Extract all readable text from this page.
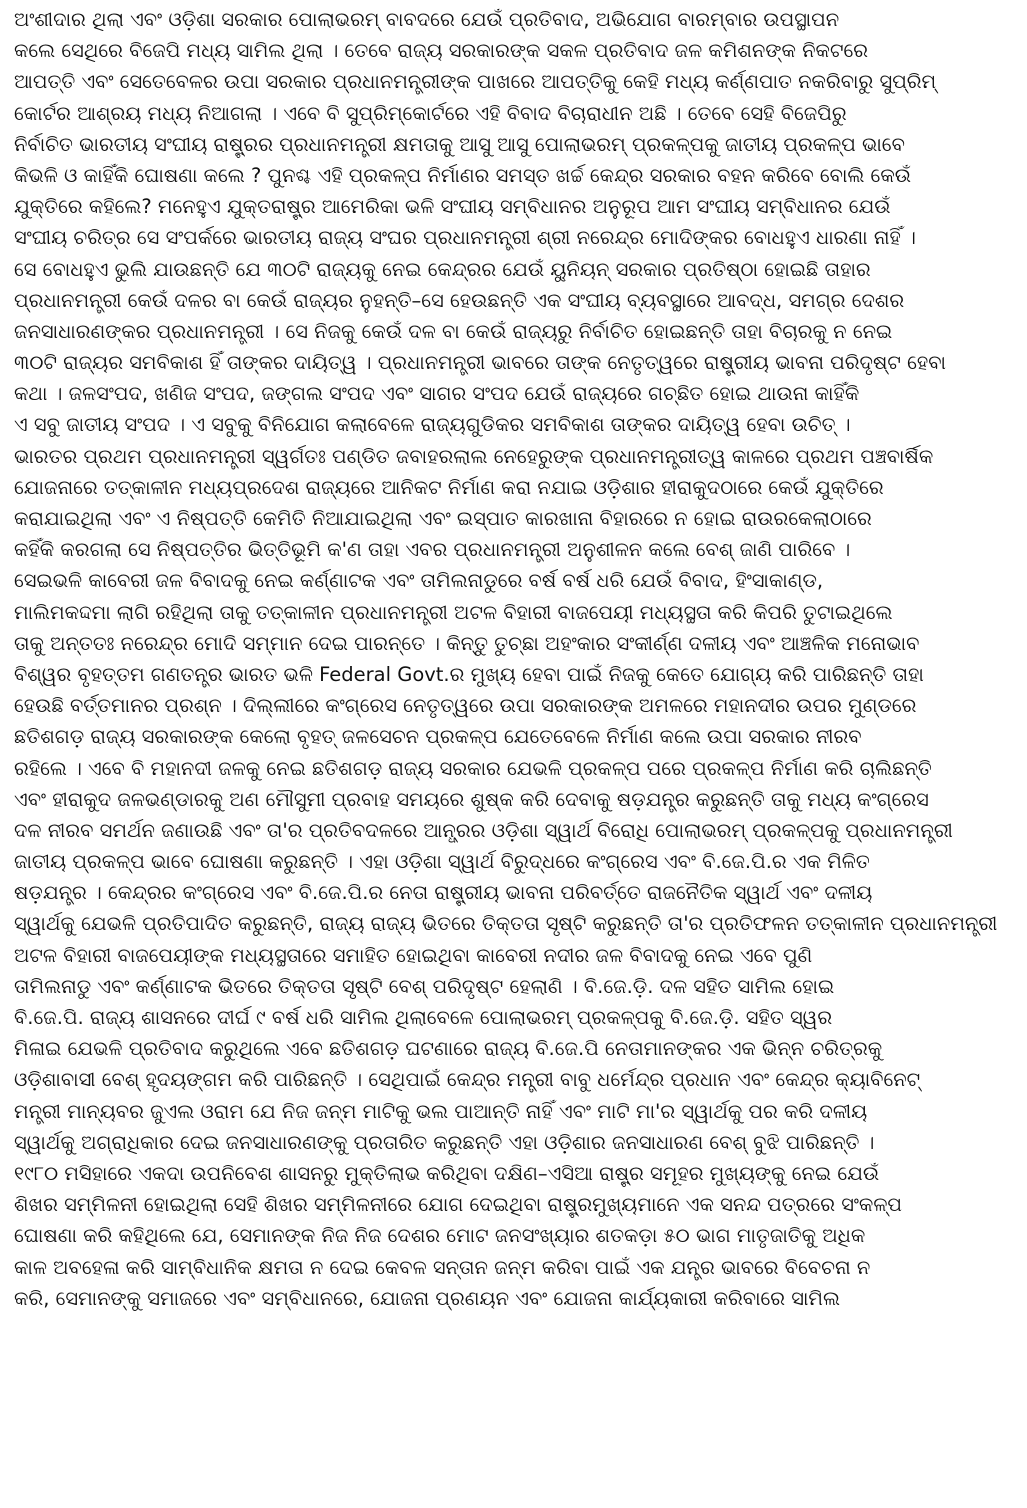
ଅଂଶୀଦାର ଥିଲା ଏବଂ ଓଡ଼ିଶା ସରକାର ପୋଲାଭରମ୍ ବାବଦରେ ଯେଉଁ ପ୍ରତିବାଦ, ଅଭିଯୋଗ ବାରମ୍ବାର ଉପସ୍ଥାପନ
କଲେ ସେଥିରେ ବିଜେପି ମଧ୍ୟ ସାମିଲ ଥିଲା । ତେବେ ରାଜ୍ୟ ସରକାରଙ୍କ ସକଳ ପ୍ରତିବାଦ ଜଳ କମିଶନଙ୍କ ନିକଟରେ
ଆପତ୍ତି ଏବଂ ସେତେବେଳର ଉପା ସରକାର ପ୍ରଧାନମନ୍ତ୍ରୀଙ୍କ ପାଖରେ ଆପତ୍ତିକୁ କେହି ମଧ୍ୟ କର୍ଣ୍ଣପାତ ନକରିବାରୁ ସୁପ୍ରିମ୍
କୋର୍ଟର ଆଶ୍ରୟ ମଧ୍ୟ ନିଆଗଲା । ଏବେ ବି ସୁପ୍ରିମ୍‌କୋର୍ଟରେ ଏହି ବିବାଦ ବିଚାରାଧୀନ ଅଛି । ତେବେ ସେହି ବିଜେପିରୁ
ନିର୍ବାଚିତ ଭାରତୀୟ ସଂଘୀୟ ରାଷ୍ଟ୍ରର ପ୍ରଧାନମନ୍ତ୍ରୀ କ୍ଷମତାକୁ ଆସୁ ଆସୁ ପୋଲାଭରମ୍ ପ୍ରକଳ୍ପକୁ ଜାତୀୟ ପ୍ରକଳ୍ପ ଭାବେ
କିଭଳି ଓ କାହିଁକି ଘୋଷଣା କଲେ ? ପୁନଶ୍ଚ ଏହି ପ୍ରକଳ୍ପ ନିର୍ମାଣର ସମସ୍ତ ଖର୍ଚ୍ଚ କେନ୍ଦ୍ର ସରକାର ବହନ କରିବେ ବୋଲି କେଉଁ
ଯୁକ୍ତିରେ କହିଲେ? ମନେହୁଏ ଯୁକ୍ତରାଷ୍ଟ୍ର ଆମେରିକା ଭଳି ସଂଘୀୟ ସମ୍ବିଧାନର ଅନୁରୂପ ଆମ ସଂଘୀୟ ସମ୍ବିଧାନର ଯେଉଁ
ସଂଘୀୟ ଚରିତ୍ର ସେ ସଂପର୍କରେ ଭାରତୀୟ ରାଜ୍ୟ ସଂଘର ପ୍ରଧାନମନ୍ତ୍ରୀ ଶ୍ରୀ ନରେନ୍ଦ୍ର ମୋଦିଙ୍କର ବୋଧହୁଏ ଧାରଣା ନାହିଁ ।
ସେ ବୋଧହୁଏ ଭୁଲି ଯାଉଛନ୍ତି ଯେ ୩୦ଟି ରାଜ୍ୟକୁ ନେଇ କେନ୍ଦ୍ରର ଯେଉଁ ୟୁନିୟନ୍ ସରକାର ପ୍ରତିଷ୍ଠା ହୋଇଛି ତାହାର
ପ୍ରଧାନମନ୍ତ୍ରୀ କେଉଁ ଦଳର ବା କେଉଁ ରାଜ୍ୟର ନୁହନ୍ତି–ସେ ହେଉଛନ୍ତି ଏକ ସଂଘୀୟ ବ୍ୟବସ୍ଥାରେ ଆବଦ୍ଧ, ସମଗ୍ର ଦେଶର
ଜନସାଧାରଣଙ୍କର ପ୍ରଧାନମନ୍ତ୍ରୀ । ସେ ନିଜକୁ କେଉଁ ଦଳ ବା କେଉଁ ରାଜ୍ୟରୁ ନିର୍ବାଚିତ ହୋଇଛନ୍ତି ତାହା ବିଚାରକୁ ନ ନେଇ
୩୦ଟି ରାଜ୍ୟର ସମବିକାଶ ହିଁ ତାଙ୍କର ଦାୟିତ୍ୱ । ପ୍ରଧାନମନ୍ତ୍ରୀ ଭାବରେ ତାଙ୍କ ନେତୃତ୍ୱରେ ରାଷ୍ଟ୍ରୀୟ ଭାବନା ପରିଦୃଷ୍ଟ ହେବା
କଥା । ଜଳସଂପଦ, ଖଣିଜ ସଂପଦ, ଜଙ୍ଗଲ ସଂପଦ ଏବଂ ସାଗର ସଂପଦ ଯେଉଁ ରାଜ୍ୟରେ ଗଚ୍ଛିତ ହୋଇ ଥାଉନା କାହିଁକି
ଏ ସବୁ ଜାତୀୟ ସଂପଦ । ଏ ସବୁକୁ ବିନିଯୋଗ କଲାବେଳେ ରାଜ୍ୟଗୁଡିକର ସମବିକାଶ ତାଙ୍କର ଦାୟିତ୍ୱ ହେବା ଉଚିତ୍ ।
ଭାରତର ପ୍ରଥମ ପ୍ରଧାନମନ୍ତ୍ରୀ ସ୍ୱର୍ଗତଃ ପଣ୍ଡିତ ଜବାହରଲାଲ ନେହେରୁଙ୍କ ପ୍ରଧାନମନ୍ତ୍ରୀତ୍ୱ କାଳରେ ପ୍ରଥମ ପଞ୍ଚବାର୍ଷିକ
ଯୋଜନାରେ ତତ୍‌କାଳୀନ ମଧ୍ୟପ୍ରଦେଶ ରାଜ୍ୟରେ ଆନିକଟ ନିର୍ମାଣ କରା ନଯାଇ ଓଡ଼ିଶାର ହୀରାକୁଦଠାରେ କେଉଁ ଯୁକ୍ତିରେ
କରାଯାଇଥିଲା ଏବଂ ଏ ନିଷ୍ପତ୍ତି କେମିତି ନିଆଯାଇଥିଲା ଏବଂ ଇସ୍ପାତ କାରଖାନା ବିହାରରେ ନ ହୋଇ ରାଉରକେଲାଠାରେ
କହିଁକି କରଗଲା ସେ ନିଷ୍ପତ୍ତିର ଭିତ୍ତିଭୂମି କ'ଣ ତାହା ଏବର ପ୍ରଧାନମନ୍ତ୍ରୀ ଅନୁଶୀଳନ କଲେ ବେଶ୍ ଜାଣି ପାରିବେ ।
ସେଇଭଳି କାବେରୀ ଜଳ ବିବାଦକୁ ନେଇ କର୍ଣ୍ଣାଟକ ଏବଂ ତାମିଲନାଡୁରେ ବର୍ଷ ବର୍ଷ ଧରି ଯେଉଁ ବିବାଦ, ହିଂସାକାଣ୍ଡ,
ମାଲିମକଦ୍ଦମା ଲାଗି ରହିଥିଲା ତାକୁ ତତ୍କାଳୀନ ପ୍ରଧାନମନ୍ତ୍ରୀ ଅଟଳ ବିହାରୀ ବାଜପେୟୀ ମଧ୍ୟସ୍ଥତା କରି କିପରି ତୁଟାଇଥିଲେ
ତାକୁ ଅନ୍ତତଃ ନରେନ୍ଦ୍ର ମୋଦି ସମ୍ମାନ ଦେଇ ପାରନ୍ତେ । କିନ୍ତୁ ତୁଚ୍ଛା ଅହଂକାର ସଂକୀର୍ଣ୍ଣ ଦଳୀୟ ଏବଂ ଆଞ୍ଚଳିକ ମନୋଭାବ
ବିଶ୍ୱର ବୃହତ୍ତମ ଗଣତନ୍ତ୍ର ଭାରତ ଭଳି Federal Govt.ର ମୁଖ୍ୟ ହେବା ପାଇଁ ନିଜକୁ କେତେ ଯୋଗ୍ୟ କରି ପାରିଛନ୍ତି ତାହା
ହେଉଛି ବର୍ତ୍ତମାନର ପ୍ରଶ୍ନ । ଦିଲ୍ଲୀରେ କଂଗ୍ରେସ ନେତୃତ୍ୱରେ ଉପା ସରକାରଙ୍କ ଅମଳରେ ମହାନଦୀର ଉପର ମୁଣ୍ଡରେ
ଛତିଶଗଡ଼ ରାଜ୍ୟ ସରକାରଙ୍କ କେଲୋ ବୃହତ୍ ଜଳସେଚନ ପ୍ରକଳ୍ପ ଯେତେବେଳେ ନିର୍ମାଣ କଲେ ଉପା ସରକାର ନୀରବ
ରହିଲେ । ଏବେ ବି ମହାନଦୀ ଜଳକୁ ନେଇ ଛତିଶଗଡ଼ ରାଜ୍ୟ ସରକାର ଯେଭଳି ପ୍ରକଳ୍ପ ପରେ ପ୍ରକଳ୍ପ ନିର୍ମାଣ କରି ଚାଲିଛନ୍ତି
ଏବଂ ହୀରାକୁଦ ଜଳଭଣ୍ଡାରକୁ ଅଣ ମୌସୁମୀ ପ୍ରବାହ ସମୟରେ ଶୁଷ୍କ କରି ଦେବାକୁ ଷଡ଼ଯନ୍ତ୍ର କରୁଛନ୍ତି ତାକୁ ମଧ୍ୟ କଂଗ୍ରେସ
ଦଳ ନୀରବ ସମର୍ଥନ ଜଣାଉଛି ଏବଂ ତା'ର ପ୍ରତିବଦଳରେ ଆନ୍ଧ୍ରର ଓଡ଼ିଶା ସ୍ୱାର୍ଥ ବିରୋଧି ପୋଲାଭରମ୍ ପ୍ରକଳ୍ପକୁ ପ୍ରଧାନମନ୍ତ୍ରୀ
ଜାତୀୟ ପ୍ରକଳ୍ପ ଭାବେ ଘୋଷଣା କରୁଛନ୍ତି । ଏହା ଓଡ଼ିଶା ସ୍ୱାର୍ଥ ବିରୁଦ୍ଧରେ କଂଗ୍ରେସ ଏବଂ ବି.ଜେ.ପି.ର ଏକ ମିଳିତ
ଷଡ଼ଯନ୍ତ୍ର । କେନ୍ଦ୍ରର କଂଗ୍ରେସ ଏବଂ ବି.ଜେ.ପି.ର ନେତା ରାଷ୍ଟ୍ରୀୟ ଭାବନା ପରିବର୍ତ୍ତେ ରାଜନୈତିକ ସ୍ୱାର୍ଥ ଏବଂ ଦଳୀୟ
ସ୍ୱାର୍ଥକୁ ଯେଭଳି ପ୍ରତିପାଦିତ କରୁଛନ୍ତି, ରାଜ୍ୟ ରାଜ୍ୟ ଭିତରେ ତିକ୍ତତା ସୃଷ୍ଟି କରୁଛନ୍ତି ତା'ର ପ୍ରତିଫଳନ ତତ୍କାଳୀନ ପ୍ରଧାନମନ୍ତ୍ରୀ
ଅଟଳ ବିହାରୀ ବାଜପେୟୀଙ୍କ ମଧ୍ୟସ୍ଥତାରେ ସମାହିତ ହୋଇଥିବା କାବେରୀ ନଦୀର ଜଳ ବିବାଦକୁ ନେଇ ଏବେ ପୁଣି
ତାମିଲନାଡୁ ଏବଂ କର୍ଣ୍ଣାଟକ ଭିତରେ ତିକ୍ତତା ସୃଷ୍ଟି ବେଶ୍ ପରିଦୃଷ୍ଟ ହେଲାଣି । ବି.ଜେ.ଡ଼ି. ଦଳ ସହିତ ସାମିଲ ହୋଇ
ବି.ଜେ.ପି. ରାଜ୍ୟ ଶାସନରେ ଦୀର୍ଘ ୯ ବର୍ଷ ଧରି ସାମିଲ ଥିଲାବେଳେ ପୋଲାଭରମ୍ ପ୍ରକଳ୍ପକୁ ବି.ଜେ.ଡ଼ି. ସହିତ ସ୍ୱର
ମିଳାଇ ଯେଭଳି ପ୍ରତିବାଦ କରୁଥିଲେ ଏବେ ଛତିଶଗଡ଼ ଘଟଣାରେ ରାଜ୍ୟ ବି.ଜେ.ପି ନେତାମାନଙ୍କର ଏକ ଭିନ୍ନ ଚରିତ୍ରକୁ
ଓଡ଼ିଶାବାସୀ ବେଶ୍ ହୃଦୟଙ୍ଗମ କରି ପାରିଛନ୍ତି । ସେଥିପାଇଁ କେନ୍ଦ୍ର ମନ୍ତ୍ରୀ ବାବୁ ଧର୍ମେନ୍ଦ୍ର ପ୍ରଧାନ ଏବଂ କେନ୍ଦ୍ର କ୍ୟାବିନେଟ୍
ମନ୍ତ୍ରୀ ମାନ୍ୟବର ଜୁଏଲ ଓରାମ ଯେ ନିଜ ଜନ୍ମ ମାଟିକୁ ଭଲ ପାଆନ୍ତି ନାହିଁ ଏବଂ ମାଟି ମା'ର ସ୍ୱାର୍ଥକୁ ପର କରି ଦଳୀୟ
ସ୍ୱାର୍ଥକୁ ଅଗ୍ରାଧିକାର ଦେଇ ଜନସାଧାରଣଙ୍କୁ ପ୍ରତାରିତ କରୁଛନ୍ତି ଏହା ଓଡ଼ିଶାର ଜନସାଧାରଣ ବେଶ୍ ବୁଝି ପାରିଛନ୍ତି ।
୧୯୮୦ ମସିହାରେ ଏକଦା ଉପନିବେଶ ଶାସନରୁ ମୁକ୍ତିଲାଭ କରିଥିବା ଦକ୍ଷିଣ–ଏସିଆ ରାଷ୍ଟ୍ର ସମୂହର ମୁଖ୍ୟଙ୍କୁ ନେଇ ଯେଉଁ
ଶିଖର ସମ୍ମିଳନୀ ହୋଇଥିଲା ସେହି ଶିଖର ସମ୍ମିଳନୀରେ ଯୋଗ ଦେଇଥିବା ରାଷ୍ଟ୍ରମୁଖ୍ୟମାନେ ଏକ ସନନ୍ଦ ପତ୍ରରେ ସଂକଳ୍ପ
ଘୋଷଣା କରି କହିଥିଲେ ଯେ, ସେମାନଙ୍କ ନିଜ ନିଜ ଦେଶର ମୋଟ ଜନସଂଖ୍ୟାର ଶତକଡ଼ା ୫୦ ଭାଗ ମାତୃଜାତିକୁ ଅଧିକ
କାଳ ଅବହେଳା କରି ସାମ୍ବିଧାନିକ କ୍ଷମତା ନ ଦେଇ କେବଳ ସନ୍ତାନ ଜନ୍ମ କରିବା ପାଇଁ ଏକ ଯନ୍ତ୍ର ଭାବରେ ବିବେଚନା ନ
କରି, ସେମାନଙ୍କୁ ସମାଜରେ ଏବଂ ସମ୍ବିଧାନରେ, ଯୋଜନା ପ୍ରଣୟନ ଏବଂ ଯୋଜନା କାର୍ଯ୍ୟକାରୀ କରିବାରେ ସାମିଲ
